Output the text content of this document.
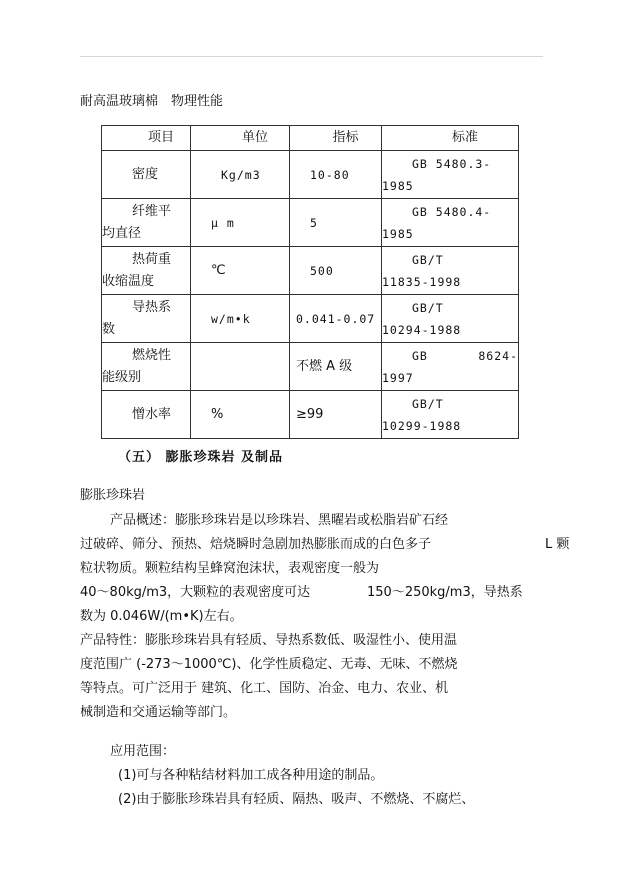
耐高温玻璃棉　物理性能
项目	单位	指标	标准

密度	Kg/m3	10-80	GB 5480.3-
1985

纤维平
均直径	μ m	5	GB 5480.4-
1985

热荷重
收缩温度	℃	500	GB/T
11835-1998

导热系
数	w/m•k	0.041-0.07	GB/T
10294-1988

燃烧性
能级别		不燃 A 级	GB 8624-
1997

憎水率	%	≥99	GB/T
10299-1988
（五） 膨胀珍珠岩 及制品
膨胀珍珠岩
产品概述：膨胀珍珠岩是以珍珠岩、黑曜岩或松脂岩矿石经
过破碎、筛分、预热、焙烧瞬时急剧加热膨胀而成的白色多子	L 颗
粒状物质。颗粒结构呈蜂窝泡沫状，表观密度一般为
40～80kg/m3，大颗粒的表观密度可达	150～250kg/m3，导热系
数为 0.046W/(m•K)左右。
产品特性：膨胀珍珠岩具有轻质、导热系数低、吸湿性小、使用温
度范围广 (-273～1000℃)、化学性质稳定、无毒、无味、不燃烧
等特点。可广泛用于 建筑、化工、国防、冶金、电力、农业、机
械制造和交通运输等部门。
应用范围：
(1)可与各种粘结材料加工成各种用途的制品。
(2)由于膨胀珍珠岩具有轻质、隔热、吸声、不燃烧、不腐烂、
